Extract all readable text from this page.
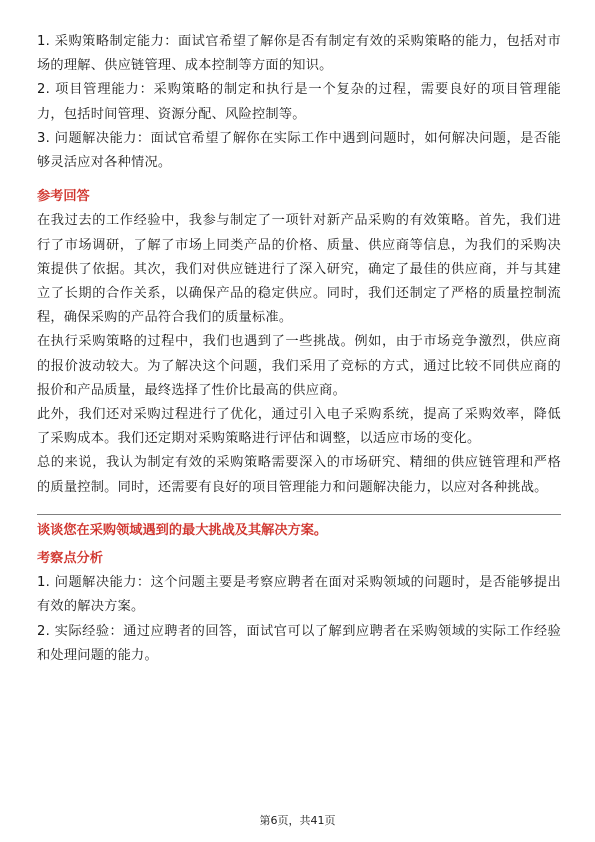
1. 采购策略制定能力：面试官希望了解你是否有制定有效的采购策略的能力，包括对市场的理解、供应链管理、成本控制等方面的知识。

2. 项目管理能力：采购策略的制定和执行是一个复杂的过程，需要良好的项目管理能力，包括时间管理、资源分配、风险控制等。

3. 问题解决能力：面试官希望了解你在实际工作中遇到问题时，如何解决问题，是否能够灵活应对各种情况。

参考回答

在我过去的工作经验中，我参与制定了一项针对新产品采购的有效策略。首先，我们进行了市场调研，了解了市场上同类产品的价格、质量、供应商等信息，为我们的采购决策提供了依据。其次，我们对供应链进行了深入研究，确定了最佳的供应商，并与其建立了长期的合作关系，以确保产品的稳定供应。同时，我们还制定了严格的质量控制流程，确保采购的产品符合我们的质量标准。

在执行采购策略的过程中，我们也遇到了一些挑战。例如，由于市场竞争激烈，供应商的报价波动较大。为了解决这个问题，我们采用了竞标的方式，通过比较不同供应商的报价和产品质量，最终选择了性价比最高的供应商。

此外，我们还对采购过程进行了优化，通过引入电子采购系统，提高了采购效率，降低了采购成本。我们还定期对采购策略进行评估和调整，以适应市场的变化。

总的来说，我认为制定有效的采购策略需要深入的市场研究、精细的供应链管理和严格的质量控制。同时，还需要有良好的项目管理能力和问题解决能力，以应对各种挑战。

谈谈您在采购领域遇到的最大挑战及其解决方案。
考察点分析

1. 问题解决能力：这个问题主要是考察应聘者在面对采购领域的问题时，是否能够提出有效的解决方案。

2. 实际经验：通过应聘者的回答，面试官可以了解到应聘者在采购领域的实际工作经验和处理问题的能力。

第6页，共41页
